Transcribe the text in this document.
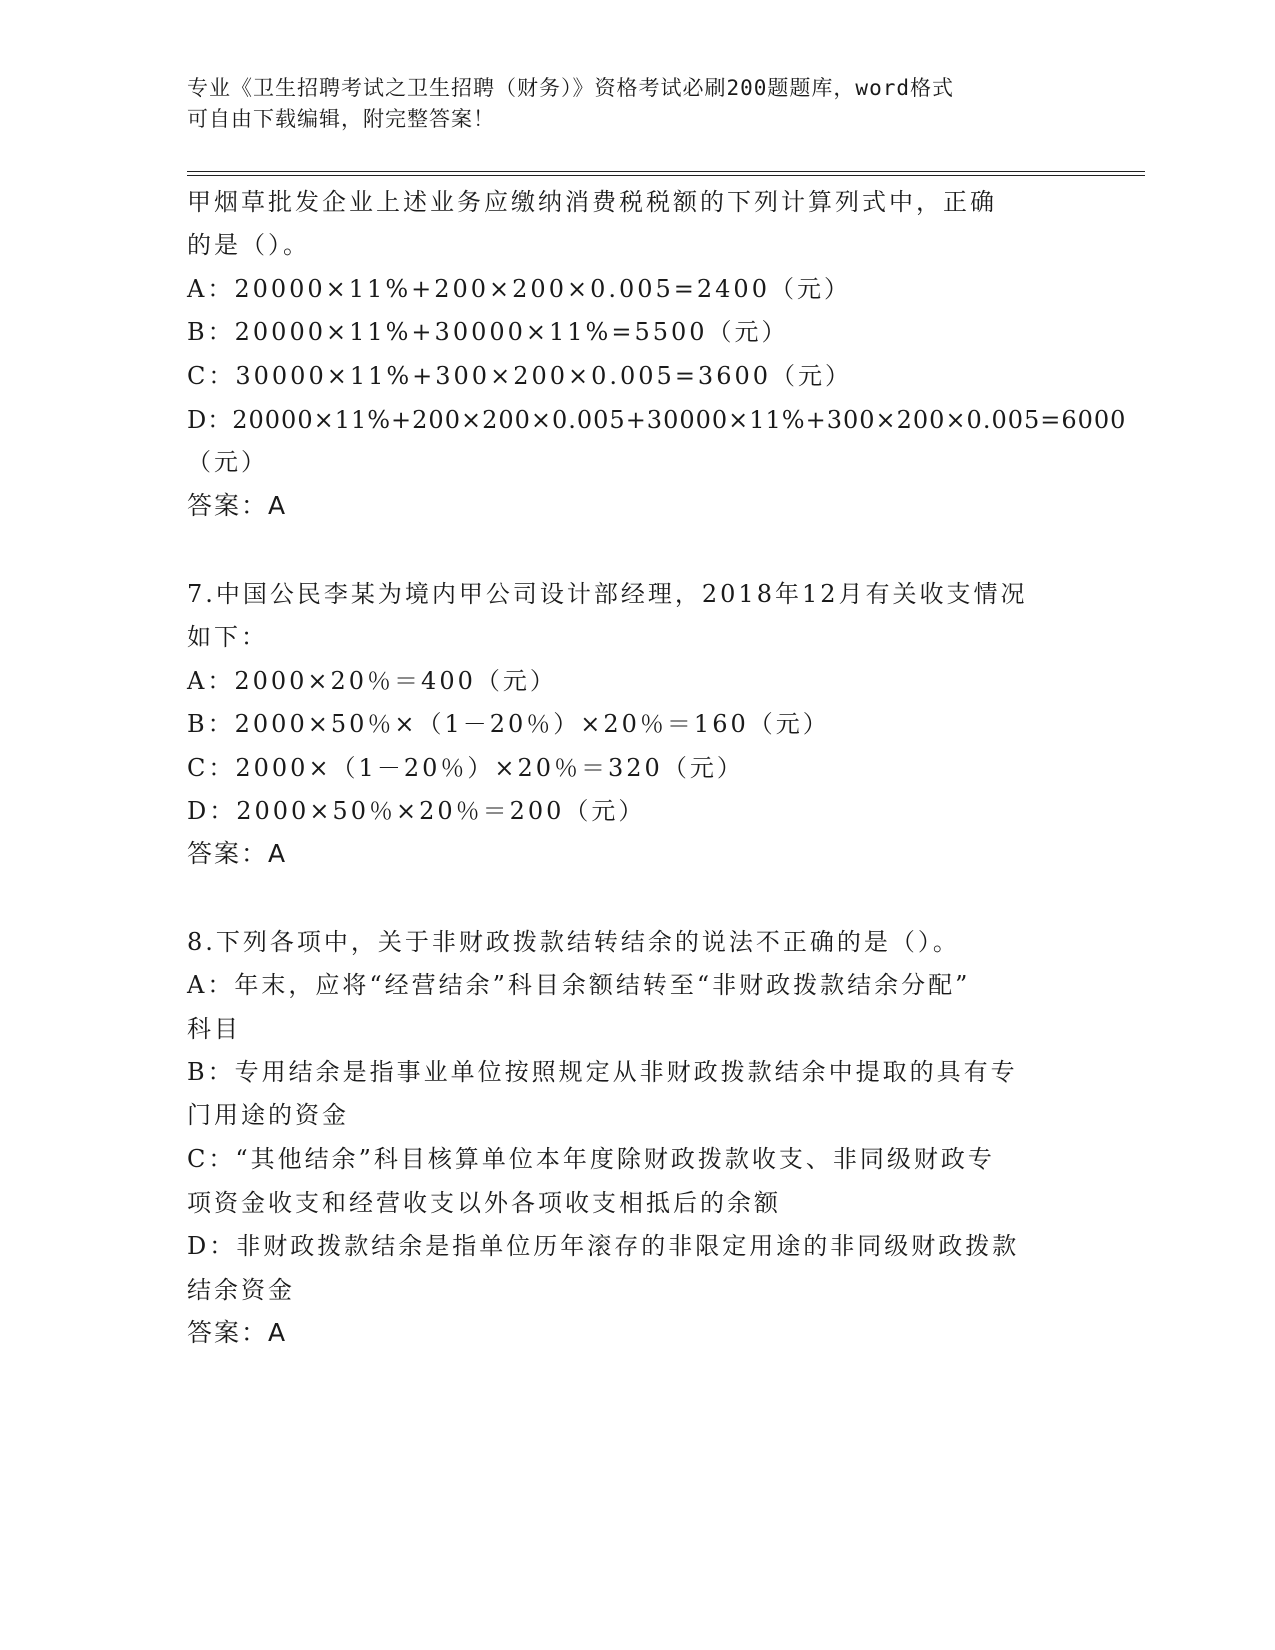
专业《卫生招聘考试之卫生招聘（财务）》资格考试必刷200题题库，word格式
可自由下载编辑，附完整答案！
甲烟草批发企业上述业务应缴纳消费税税额的下列计算列式中，正确
的是（）。
A：20000×11%+200×200×0.005=2400（元）
B：20000×11%+30000×11%=5500（元）
C：30000×11%+300×200×0.005=3600（元）
D：20000×11%+200×200×0.005+30000×11%+300×200×0.005=6000
（元）
答案：A
7.中国公民李某为境内甲公司设计部经理，2018年12月有关收支情况
如下：
A：2000×20％＝400（元）
B：2000×50％×（1－20％）×20％＝160（元）
C：2000×（1－20％）×20％＝320（元）
D：2000×50％×20％＝200（元）
答案：A
8.下列各项中，关于非财政拨款结转结余的说法不正确的是（）。
A：年末，应将“经营结余”科目余额结转至“非财政拨款结余分配”
科目
B：专用结余是指事业单位按照规定从非财政拨款结余中提取的具有专
门用途的资金
C：“其他结余”科目核算单位本年度除财政拨款收支、非同级财政专
项资金收支和经营收支以外各项收支相抵后的余额
D：非财政拨款结余是指单位历年滚存的非限定用途的非同级财政拨款
结余资金
答案：A
